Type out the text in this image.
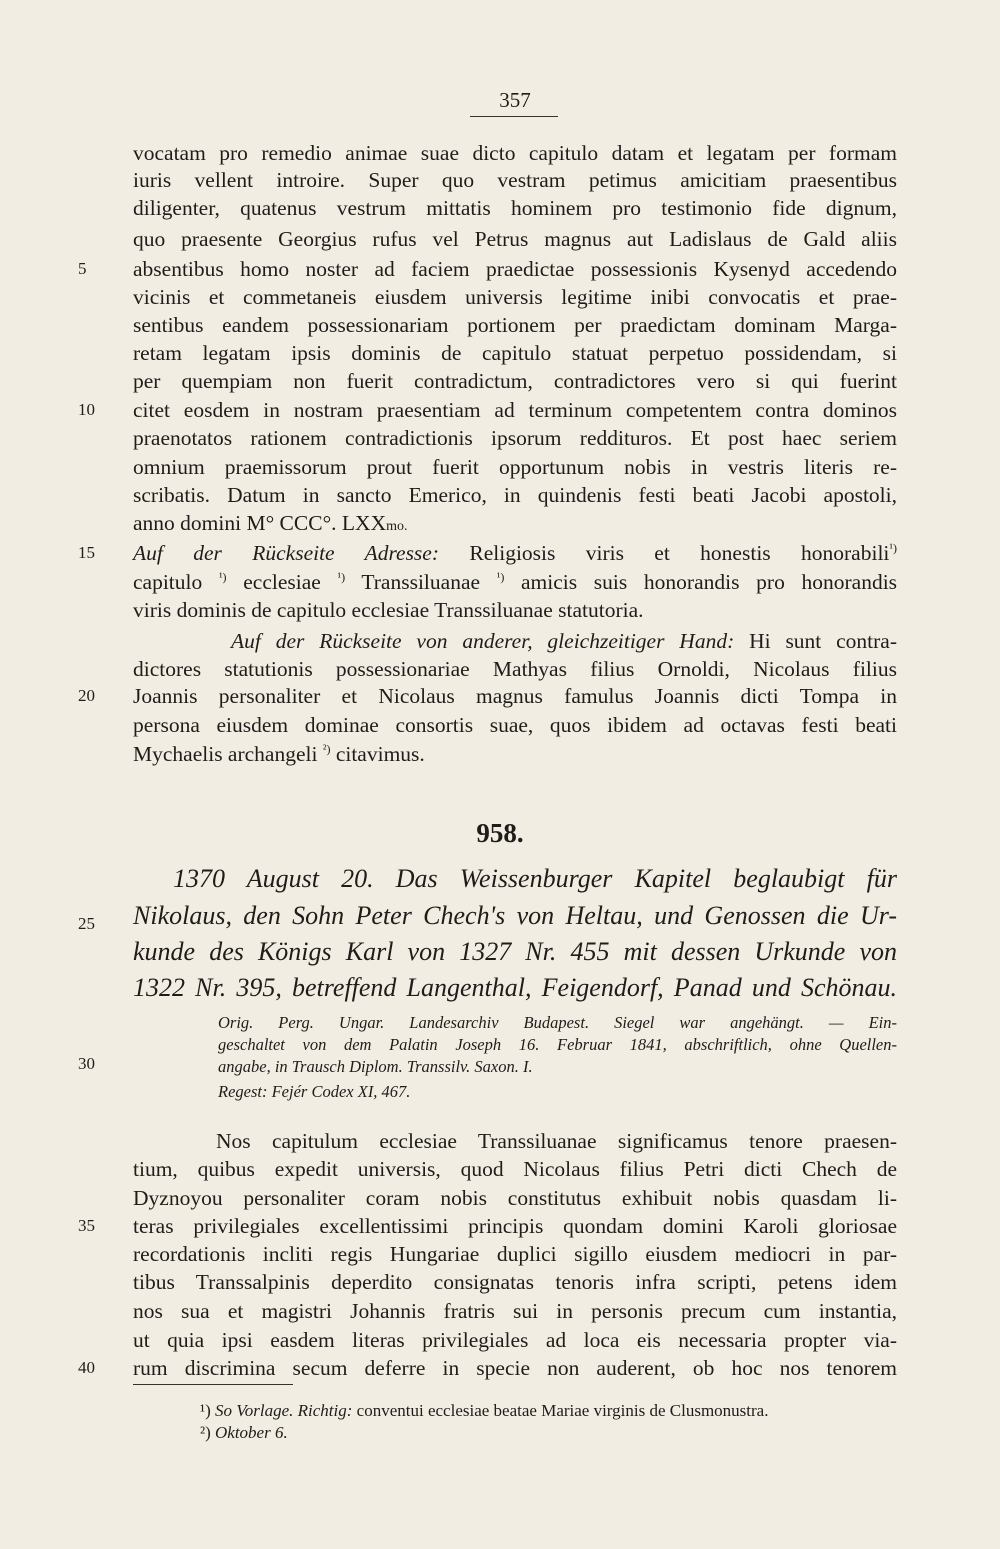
357
5
10
15
20
25
30
35
40
vocatam pro remedio animae suae dicto capitulo datam et legatam per formam
iuris vellent introire. Super quo vestram petimus amicitiam praesentibus
diligenter, quatenus vestrum mittatis hominem pro testimonio fide dignum,
quo praesente Georgius rufus vel Petrus magnus aut Ladislaus de Gald aliis
absentibus homo noster ad faciem praedictae possessionis Kysenyd accedendo
vicinis et commetaneis eiusdem universis legitime inibi convocatis et prae-
sentibus eandem possessionariam portionem per praedictam dominam Marga-
retam legatam ipsis dominis de capitulo statuat perpetuo possidendam, si
per quempiam non fuerit contradictum, contradictores vero si qui fuerint
citet eosdem in nostram praesentiam ad terminum competentem contra dominos
praenotatos rationem contradictionis ipsorum reddituros. Et post haec seriem
omnium praemissorum prout fuerit opportunum nobis in vestris literis re-
scribatis. Datum in sancto Emerico, in quindenis festi beati Jacobi apostoli,
anno domini M° CCC°. LXXmo.
Auf der Rückseite Adresse: Religiosis viris et honestis honorabili$^{^1)}$
capitulo $^{^1)}$ ecclesiae $^{^1)}$ Transsiluanae $^{^1)}$ amicis suis honorandis pro honorandis
viris dominis de capitulo ecclesiae Transsiluanae statutoria.
Auf der Rückseite von anderer, gleichzeitiger Hand: Hi sunt contra-
dictores statutionis possessionariae Mathyas filius Ornoldi, Nicolaus filius
Joannis personaliter et Nicolaus magnus famulus Joannis dicti Tompa in
persona eiusdem dominae consortis suae, quos ibidem ad octavas festi beati
Mychaelis archangeli $^{^2)}$ citavimus.
958.
1370 August 20. Das Weissenburger Kapitel beglaubigt für
Nikolaus, den Sohn Peter Chech's von Heltau, und Genossen die Ur-
kunde des Königs Karl von 1327 Nr. 455 mit dessen Urkunde von
1322 Nr. 395, betreffend Langenthal, Feigendorf, Panad und Schönau.
Orig. Perg. Ungar. Landesarchiv Budapest. Siegel war angehängt. — Ein-
geschaltet von dem Palatin Joseph 16. Februar 1841, abschriftlich, ohne Quellen-
angabe, in Trausch Diplom. Transsilv. Saxon. I.
Regest: Fejér Codex XI, 467.
Nos capitulum ecclesiae Transsiluanae significamus tenore praesen-
tium, quibus expedit universis, quod Nicolaus filius Petri dicti Chech de
Dyznoyou personaliter coram nobis constitutus exhibuit nobis quasdam li-
teras privilegiales excellentissimi principis quondam domini Karoli gloriosae
recordationis incliti regis Hungariae duplici sigillo eiusdem mediocri in par-
tibus Transsalpinis deperdito consignatas tenoris infra scripti, petens idem
nos sua et magistri Johannis fratris sui in personis precum cum instantia,
ut quia ipsi easdem literas privilegiales ad loca eis necessaria propter via-
rum discrimina secum deferre in specie non auderent, ob hoc nos tenorem
¹) So Vorlage. Richtig: conventui ecclesiae beatae Mariae virginis de Clusmonustra.
²) Oktober 6.
